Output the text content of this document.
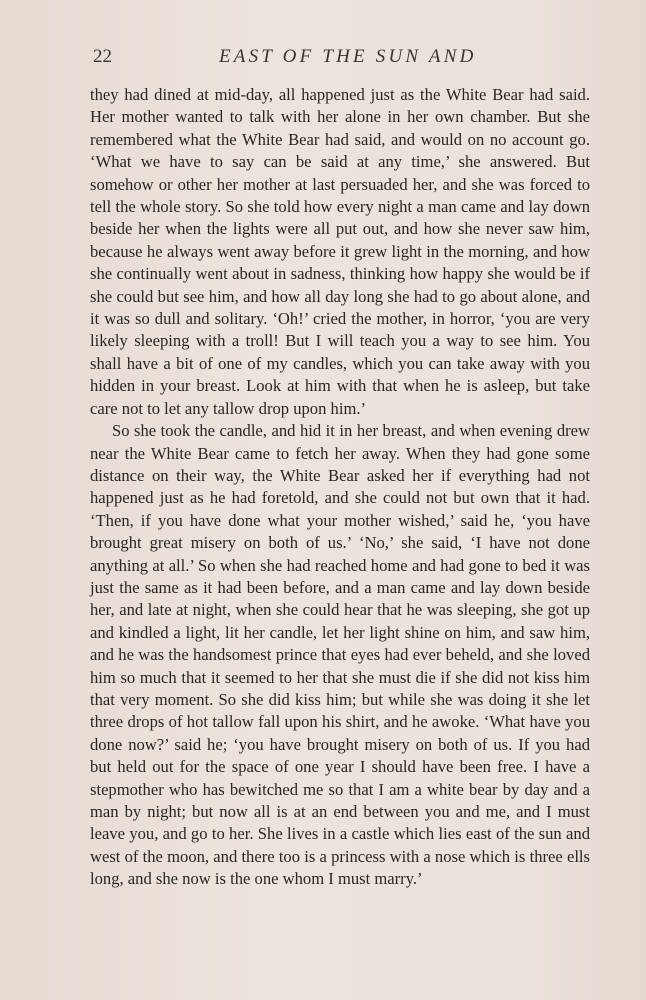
22	EAST OF THE SUN AND

they had dined at mid-day, all happened just as the White Bear had said. Her mother wanted to talk with her alone in her own chamber. But she remembered what the White Bear had said, and would on no account go. ‘What we have to say can be said at any time,’ she answered. But somehow or other her mother at last persuaded her, and she was forced to tell the whole story. So she told how every night a man came and lay down beside her when the lights were all put out, and how she never saw him, because he always went away before it grew light in the morning, and how she continually went about in sadness, thinking how happy she would be if she could but see him, and how all day long she had to go about alone, and it was so dull and solitary. ‘Oh!’ cried the mother, in horror, ‘you are very likely sleeping with a troll! But I will teach you a way to see him. You shall have a bit of one of my candles, which you can take away with you hidden in your breast. Look at him with that when he is asleep, but take care not to let any tallow drop upon him.’

So she took the candle, and hid it in her breast, and when evening drew near the White Bear came to fetch her away. When they had gone some distance on their way, the White Bear asked her if everything had not happened just as he had foretold, and she could not but own that it had. ‘Then, if you have done what your mother wished,’ said he, ‘you have brought great misery on both of us.’ ‘No,’ she said, ‘I have not done anything at all.’ So when she had reached home and had gone to bed it was just the same as it had been before, and a man came and lay down beside her, and late at night, when she could hear that he was sleeping, she got up and kindled a light, lit her candle, let her light shine on him, and saw him, and he was the handsomest prince that eyes had ever beheld, and she loved him so much that it seemed to her that she must die if she did not kiss him that very moment. So she did kiss him; but while she was doing it she let three drops of hot tallow fall upon his shirt, and he awoke. ‘What have you done now?’ said he; ‘you have brought misery on both of us. If you had but held out for the space of one year I should have been free. I have a stepmother who has bewitched me so that I am a white bear by day and a man by night; but now all is at an end between you and me, and I must leave you, and go to her. She lives in a castle which lies east of the sun and west of the moon, and there too is a princess with a nose which is three ells long, and she now is the one whom I must marry.’
